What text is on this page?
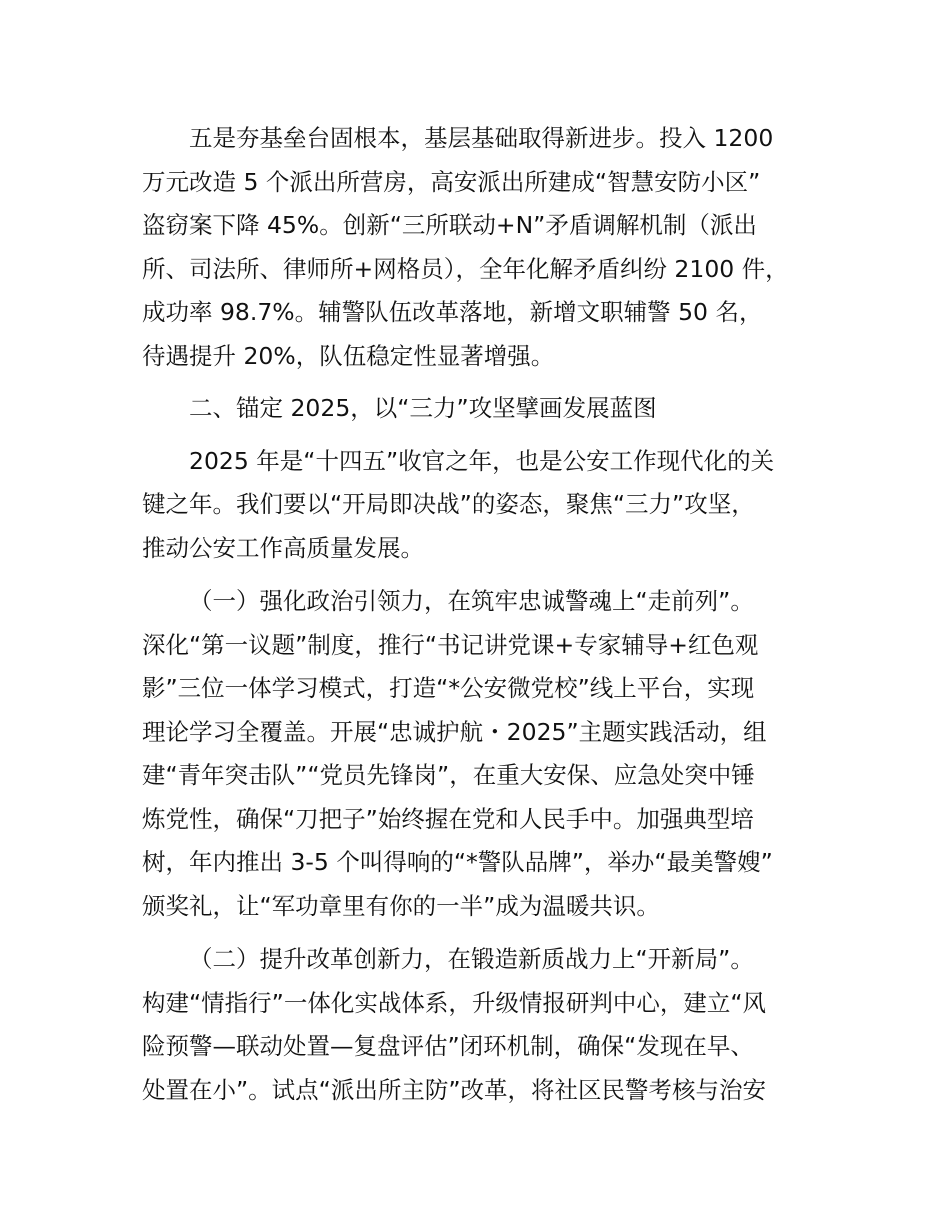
五是夯基垒台固根本，基层基础取得新进步。投入 1200
万元改造 5 个派出所营房，高安派出所建成“智慧安防小区”
盗窃案下降 45%。创新“三所联动+N”矛盾调解机制（派出
所、司法所、律师所+网格员），全年化解矛盾纠纷 2100 件，
成功率 98.7%。辅警队伍改革落地，新增文职辅警 50 名，
待遇提升 20%，队伍稳定性显著增强。
二、锚定 2025，以“三力”攻坚擘画发展蓝图
2025 年是“十四五”收官之年，也是公安工作现代化的关
键之年。我们要以“开局即决战”的姿态，聚焦“三力”攻坚，
推动公安工作高质量发展。
（一）强化政治引领力，在筑牢忠诚警魂上“走前列”。
深化“第一议题”制度，推行“书记讲党课+专家辅导+红色观
影”三位一体学习模式，打造“*公安微党校”线上平台，实现
理论学习全覆盖。开展“忠诚护航・2025”主题实践活动，组
建“青年突击队”“党员先锋岗”，在重大安保、应急处突中锤
炼党性，确保“刀把子”始终握在党和人民手中。加强典型培
树，年内推出 3-5 个叫得响的“*警队品牌”，举办“最美警嫂”
颁奖礼，让“军功章里有你的一半”成为温暖共识。
（二）提升改革创新力，在锻造新质战力上“开新局”。
构建“情指行”一体化实战体系，升级情报研判中心，建立“风
险预警—联动处置—复盘评估”闭环机制，确保“发现在早、
处置在小”。试点“派出所主防”改革，将社区民警考核与治安
